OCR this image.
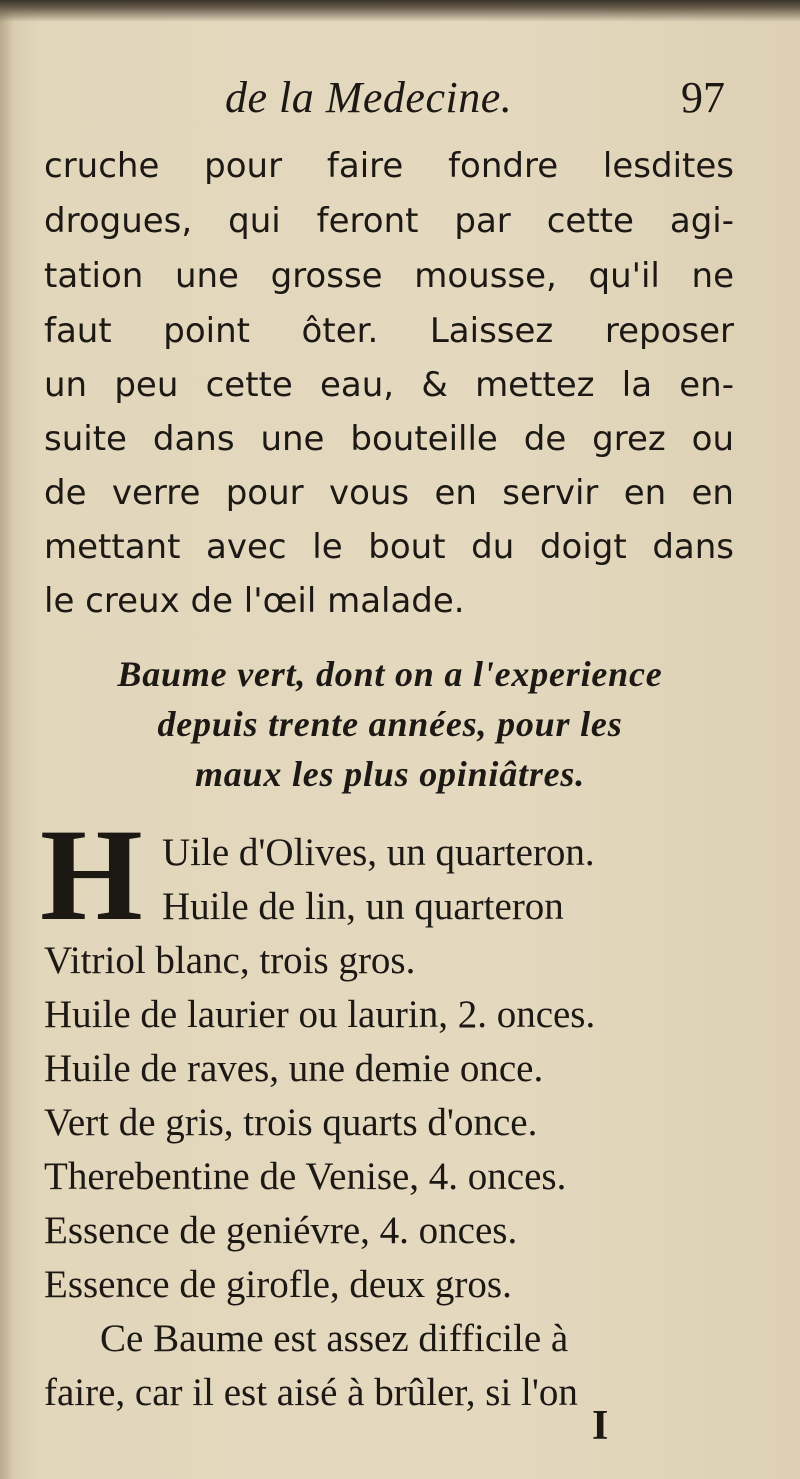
de la Medecine.	97
cruche pour faire fondre lesdites
drogues, qui feront par cette agi-
tation une grosse mousse, qu'il ne
faut point ôter. Laissez reposer
un peu cette eau, & mettez la en-
suite dans une bouteille de grez ou
de verre pour vous en servir en en
mettant avec le bout du doigt dans
le creux de l'œil malade.
Baume vert, dont on a l'experience
depuis trente années, pour les
maux les plus opiniâtres.
H Uile d'Olives, un quarteron.
Huile de lin, un quarteron
Vitriol blanc, trois gros.
Huile de laurier ou laurin, 2. onces.
Huile de raves, une demie once.
Vert de gris, trois quarts d'once.
Therebentine de Venise, 4. onces.
Essence de geniévre, 4. onces.
Essence de girofle, deux gros.
Ce Baume est assez difficile à
faire, car il est aisé à brûler, si l'on
I
